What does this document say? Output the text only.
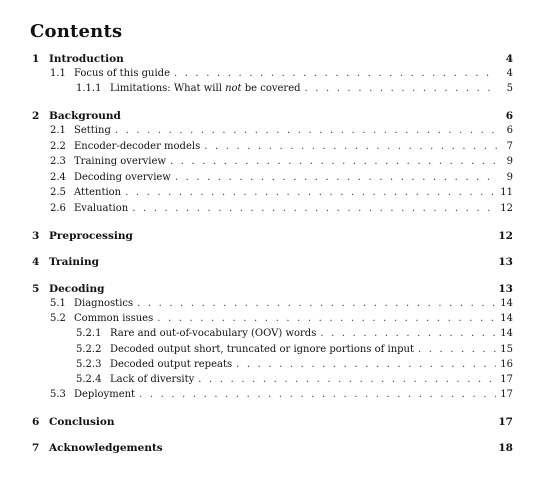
Contents
1 Introduction	4
1.1 Focus of this guide . . .	4
1.1.1 Limitations: What will not be covered . . .	5
2 Background	6
2.1 Setting . . .	6
2.2 Encoder-decoder models . . .	7
2.3 Training overview . . .	9
2.4 Decoding overview . . .	9
2.5 Attention . . .	11
2.6 Evaluation . . .	12
3 Preprocessing	12
4 Training	13
5 Decoding	13
5.1 Diagnostics . . .	14
5.2 Common issues . . .	14
5.2.1 Rare and out-of-vocabulary (OOV) words . . .	14
5.2.2 Decoded output short, truncated or ignore portions of input . . .	15
5.2.3 Decoded output repeats . . .	16
5.2.4 Lack of diversity . . .	17
5.3 Deployment . . .	17
6 Conclusion	17
7 Acknowledgements	18
